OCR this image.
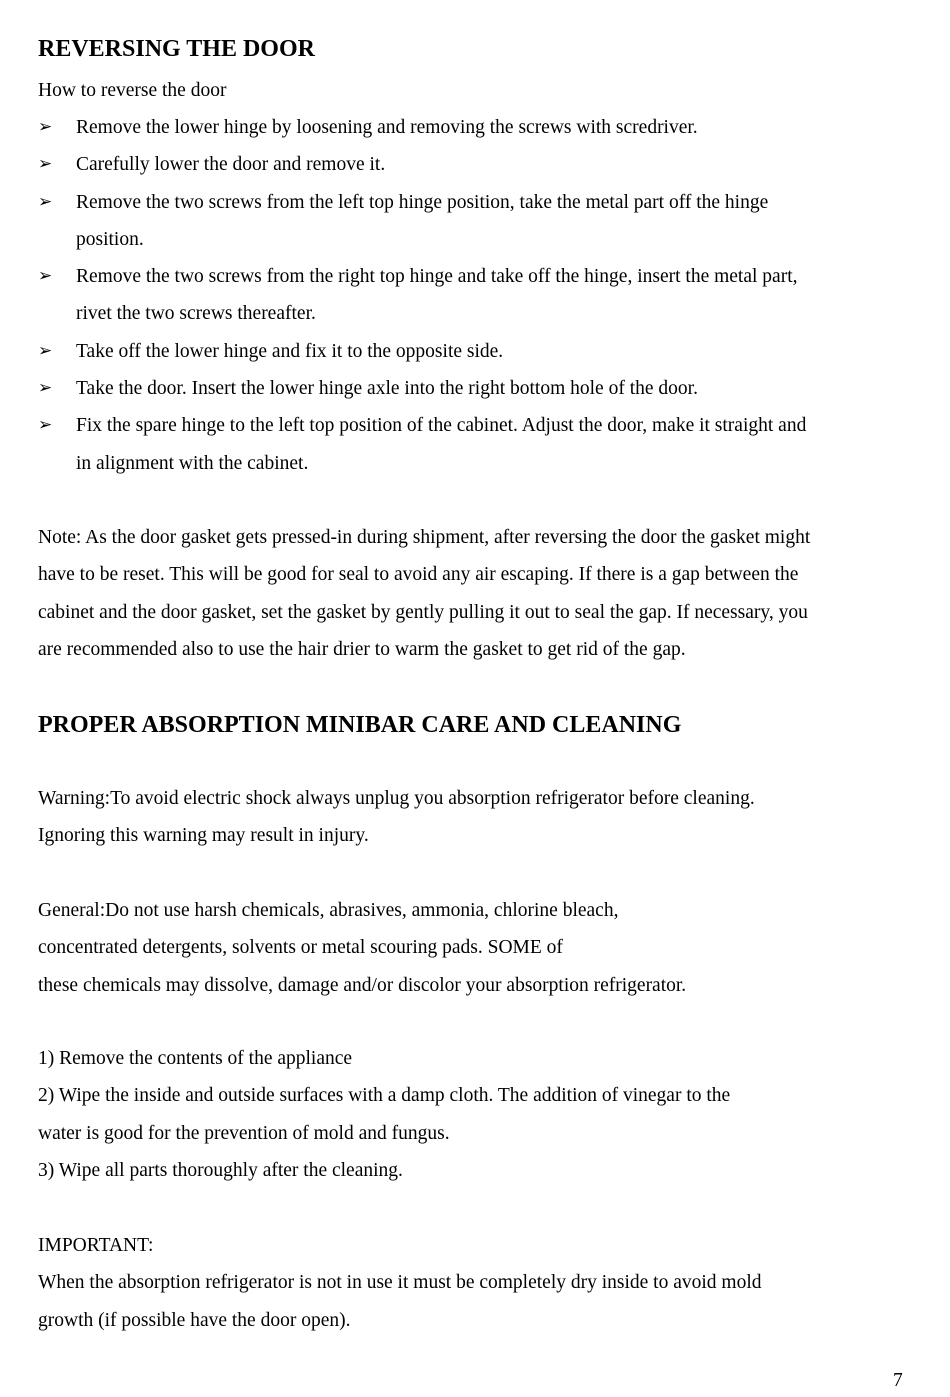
REVERSING THE DOOR

How to reverse the door

➢ Remove the lower hinge by loosening and removing the screws with scredriver.
➢ Carefully lower the door and remove it.
➢ Remove the two screws from the left top hinge position, take the metal part off the hinge
position.
➢ Remove the two screws from the right top hinge and take off the hinge, insert the metal part,
rivet the two screws thereafter.
➢ Take off the lower hinge and fix it to the opposite side.
➢ Take the door. Insert the lower hinge axle into the right bottom hole of the door.
➢ Fix the spare hinge to the left top position of the cabinet. Adjust the door, make it straight and
in alignment with the cabinet.

Note: As the door gasket gets pressed-in during shipment, after reversing the door the gasket might

have to be reset. This will be good for seal to avoid any air escaping. If there is a gap between the

cabinet and the door gasket, set the gasket by gently pulling it out to seal the gap. If necessary, you

are recommended also to use the hair drier to warm the gasket to get rid of the gap.

PROPER ABSORPTION MINIBAR CARE AND CLEANING

Warning:To avoid electric shock always unplug you absorption refrigerator before cleaning.

Ignoring this warning may result in injury.

General:Do not use harsh chemicals, abrasives, ammonia, chlorine bleach,

concentrated detergents, solvents or metal scouring pads. SOME of

these chemicals may dissolve, damage and/or discolor your absorption refrigerator.

1) Remove the contents of the appliance

2) Wipe the inside and outside surfaces with a damp cloth. The addition of vinegar to the

water is good for the prevention of mold and fungus.

3) Wipe all parts thoroughly after the cleaning.

IMPORTANT:

When the absorption refrigerator is not in use it must be completely dry inside to avoid mold

growth (if possible have the door open).

7
